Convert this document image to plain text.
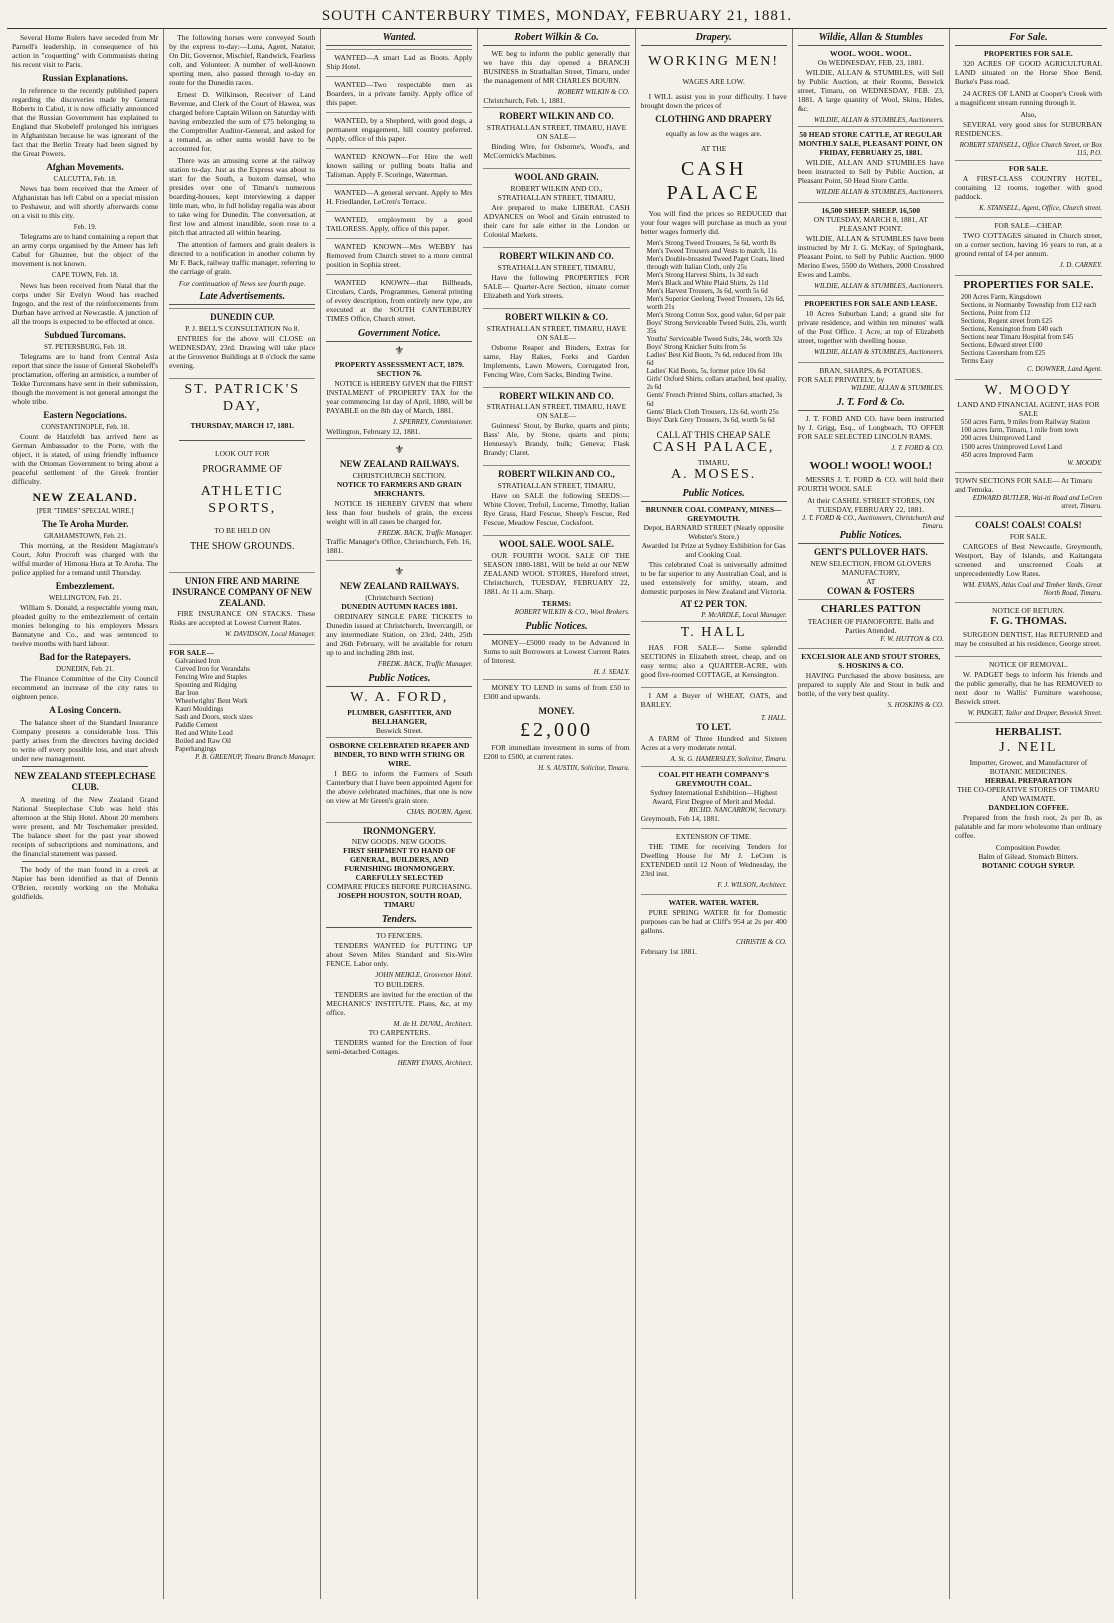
SOUTH CANTERBURY TIMES, MONDAY, FEBRUARY 21, 1881.

Several Home Rulers have seceded from Mr Parnell's leadership, in consequence of his action in "coquetting" with Communists during his recent visit to Paris.

Russian Explanations.

In reference to the recently published papers regarding the discoveries made by General Roberts in Cabul, it is now officially announced that the Russian Government has explained to England that Skobeleff prolonged his intrigues in Afghanistan because he was ignorant of the fact that the Berlin Treaty had been signed by the Great Powers.

Afghan Movements.
CALCUTTA, Feb. 18.

News has been received that the Ameer of Afghanistan has left Cabul on a special mission to Peshawur, and will shortly afterwards come on a visit to this city.

Feb. 19.

Telegrams are to hand containing a report that an army corps organised by the Ameer has left Cabul for Ghuznee, but the object of the movement is not known.

CAPE TOWN, Feb. 18.

News has been received from Natal that the corps under Sir Evelyn Wood has reached Ingogo, and the rest of the reinforcements from Durban have arrived at Newcastle. A junction of all the troops is expected to be effected at once.

Subdued Turcomans.
ST. PETERSBURG, Feb. 18.

Telegrams are to hand from Central Asia report that since the issue of General Skobeleff's proclamation, offering an armistice, a number of Tekke Turcomans have sent in their submission, though the movement is not general amongst the whole tribe.

Eastern Negociations.
CONSTANTINOPLE, Feb. 18.

Count de Hatzfeldt has arrived here as German Ambassador to the Porte, with the object, it is stated, of using friendly influence with the Ottoman Government to bring about a peaceful settlement of the Greek frontier difficulty.

NEW ZEALAND.
[PER "TIMES" SPECIAL WIRE.]
The Te Aroha Murder.
GRAHAMSTOWN, Feb. 21.

This morning, at the Resident Magistrate's Court, John Procroft was charged with the wilful murder of Himona Hura at Te Aroha. The police applied for a remand until Thursday.

Embezzlement.
WELLINGTON, Feb. 21.

William S. Donald, a respectable young man, pleaded guilty to the embezzlement of certain monies belonging to his employers Messrs Bannatyne and Co., and was sentenced to twelve months with hard labour.

Bad for the Ratepayers.
DUNEDIN, Feb. 21.

The Finance Committee of the City Council recommend an increase of the city rates to eighteen pence.

A Losing Concern.

The balance sheet of the Standard Insurance Company presents a considerable loss. This partly arises from the directors having decided to write off every possible loss, and start afresh under new management.

NEW ZEALAND STEEPLECHASE CLUB.

A meeting of the New Zealand Grand National Steeplechase Club was held this afternoon at the Ship Hotel. About 20 members were present, and Mr Teschemaker presided. The balance sheet for the past year showed receipts of subscriptions and nominations, and the financial statement was passed.

The body of the man found in a creek at Napier has been identified as that of Dennis O'Brien, recently working on the Mohaka goldfields.

The following horses were conveyed South by the express to-day:—Luna, Agent, Natator, On Dit, Governor, Mischief, Randwick, Fearless colt, and Volunteer. A number of well-known sporting men, also passed through to-day en route for the Dunedin races.

Ernest D. Wilkinson, Receiver of Land Revenue, and Clerk of the Court of Hawea, was charged before Captain Wilson on Saturday with having embezzled the sum of £75 belonging to the Comptroller Auditor-General, and asked for a remand, as other sums would have to be accounted for.

There was an amusing scene at the railway station to-day. Just as the Express was about to start for the South, a buxom damsel, who presides over one of Timaru's numerous boarding-houses, kept interviewing a dapper little man, who, in full holiday regalia was about to take wing for Dunedin. The conversation, at first low and almost inaudible, soon rose to a pitch that attracted all within hearing.

The attention of farmers and grain dealers is directed to a notification in another column by Mr F. Back, railway traffic manager, referring to the carriage of grain.

For continuation of News see fourth page.
Late Advertisements.
DUNEDIN CUP.
P. J. BELL'S CONSULTATION No 8.

ENTRIES for the above will CLOSE on WEDNESDAY, 23rd. Drawing will take place at the Grosvenor Buildings at 8 o'clock the same evening.

ST. PATRICK'S DAY,
THURSDAY, MARCH 17, 1881.
LOOK OUT FOR
PROGRAMME OF
ATHLETIC SPORTS,
TO BE HELD ON
THE SHOW GROUNDS.
UNION FIRE AND MARINE INSURANCE COMPANY OF NEW ZEALAND.

FIRE INSURANCE ON STACKS. These Risks are accepted at Lowest Current Rates.

W. DAVIDSON, Local Manager.
FOR SALE—
Galvanised Iron
Curved Iron for Verandahs
Fencing Wire and Staples
Spouting and Ridging
Bar Iron
Wheelwrights' Bent Work
Kauri Mouldings
Sash and Doors, stock sizes
Paddle Cement
Red and White Lead
Boiled and Raw Oil
Paperhangings
P. B. GREENUP, Timaru Branch Manager.
Wanted.

WANTED—A smart Lad as Boots. Apply Ship Hotel.

WANTED—Two respectable men as Boarders, in a private family. Apply office of this paper.

WANTED, by a Shepherd, with good dogs, a permanent engagement, hill country preferred. Apply, office of this paper.

WANTED KNOWN—For Hire the well known sailing or pulling boats Italia and Talisman. Apply F. Scoringe, Waterman.

WANTED—A general servant. Apply to Mrs H. Friedlander, LeCren's Terrace.

WANTED, employment by a good TAILORESS. Apply, office of this paper.

WANTED KNOWN—Mrs WEBBY has Removed from Church street to a more central position in Sophia street.

WANTED KNOWN—that Billheads, Circulars, Cards, Programmes, General printing of every description, from entirely new type, are executed at the SOUTH CANTERBURY TIMES Office, Church street.

Government Notice.
⚜
PROPERTY ASSESSMENT ACT, 1879. SECTION 76.

NOTICE is HEREBY GIVEN that the FIRST INSTALMENT of PROPERTY TAX for the year commencing 1st day of April, 1880, will be PAYABLE on the 8th day of March, 1881.

J. SPERREY, Commissioner.
Wellington, February 12, 1881.
⚜
NEW ZEALAND RAILWAYS.
CHRISTCHURCH SECTION.
NOTICE TO FARMERS AND GRAIN MERCHANTS.

NOTICE IS HEREBY GIVEN that where less than four bushels of grain, the excess weight will in all cases be charged for.

FREDK. BACK, Traffic Manager.
Traffic Manager's Office, Christchurch, Feb. 16, 1881.
⚜
NEW ZEALAND RAILWAYS.
(Christchurch Section)
DUNEDIN AUTUMN RACES 1881.

ORDINARY SINGLE FARE TICKETS to Dunedin issued at Christchurch, Invercargill, or any intermediate Station, on 23rd, 24th, 25th and 26th February, will be available for return up to and including 28th inst.

FREDK. BACK, Traffic Manager.
Public Notices.
W. A. FORD,
PLUMBER, GASFITTER, AND BELLHANGER,
Beswick Street.
OSBORNE CELEBRATED REAPER AND BINDER, TO BIND WITH STRING OR WIRE.

I BEG to inform the Farmers of South Canterbury that I have been appointed Agent for the above celebrated machines, that one is now on view at Mr Green's grain store.

CHAS. BOURN, Agent.
IRONMONGERY.
NEW GOODS. NEW GOODS.
FIRST SHIPMENT TO HAND OF GENERAL, BUILDERS, AND FURNISHING IRONMONGERY.
CAREFULLY SELECTED
COMPARE PRICES BEFORE PURCHASING.
JOSEPH HOUSTON, SOUTH ROAD, TIMARU
Tenders.
TO FENCERS.

TENDERS WANTED for PUTTING UP about Seven Miles Standard and Six-Wire FENCE. Labor only.

JOHN MEIKLE, Grosvenor Hotel.
TO BUILDERS.

TENDERS are invited for the erection of the MECHANICS' INSTITUTE. Plans, &c, at my office.

M. de H. DUVAL, Architect.
TO CARPENTERS.

TENDERS wanted for the Erection of four semi-detached Cottages.

HENRY EVANS, Architect.
Robert Wilkin & Co.

WE beg to inform the public generally that we have this day opened a BRANCH BUSINESS in Strathallan Street, Timaru, under the management of MR CHARLES BOURN.

ROBERT WILKIN & CO.
Christchurch, Feb. 1, 1881.
ROBERT WILKIN AND CO.
STRATHALLAN STREET, TIMARU, HAVE ON SALE—

Binding Wire, for Osborne's, Wood's, and McCormick's Machines.

WOOL AND GRAIN.
ROBERT WILKIN AND CO., STRATHALLAN STREET, TIMARU,

Are prepared to make LIBERAL CASH ADVANCES on Wool and Grain entrusted to their care for sale either in the London or Colonial Markets.

ROBERT WILKIN AND CO.
STRATHALLAN STREET, TIMARU,

Have the following PROPERTIES FOR SALE— Quarter-Acre Section, situate corner Elizabeth and York streets.

ROBERT WILKIN & CO.
STRATHALLAN STREET, TIMARU, HAVE ON SALE—

Osborne Reaper and Binders, Extras for same, Hay Rakes, Forks and Garden Implements, Lawn Mowers, Corrugated Iron, Fencing Wire, Corn Sacks, Binding Twine.

ROBERT WILKIN AND CO.
STRATHALLAN STREET, TIMARU, HAVE ON SALE—

Guinness' Stout, by Burke, quarts and pints; Bass' Ale, by Stone, quarts and pints; Hennessy's Brandy, bulk; Geneva; Flask Brandy; Claret.

ROBERT WILKIN AND CO.,
STRATHALLAN STREET, TIMARU,

Have on SALE the following SEEDS:— White Clover, Trefoil, Lucerne, Timothy, Italian Rye Grass, Hard Fescue, Sheep's Fescue, Red Fescue, Meadow Fescue, Cocksfoot.

WOOL SALE. WOOL SALE.

OUR FOURTH WOOL SALE OF THE SEASON 1880-1881, Will be held at our NEW ZEALAND WOOL STORES, Hereford street, Christchurch, TUESDAY, FEBRUARY 22, 1881. At 11 a.m. Sharp.

TERMS:
ROBERT WILKIN & CO., Wool Brokers.
Public Notices.

MONEY—£5000 ready to be Advanced in Sums to suit Borrowers at Lowest Current Rates of Interest.

H. J. SEALY.

MONEY TO LEND in sums of from £50 to £300 and upwards.

MONEY.
£2,000

FOR immediate investment in sums of from £200 to £500, at current rates.

H. S. AUSTIN, Solicitor, Timaru.
Drapery.
WORKING MEN!
WAGES ARE LOW.

I WILL assist you in your difficulty. I have brought down the prices of

CLOTHING AND DRAPERY
equally as low as the wages are.
AT THE
CASH PALACE

You will find the prices so REDUCED that your four wages will purchase as much as your better wages formerly did.

Men's Strong Tweed Trousers, 5s 6d, worth 8s
Men's Tweed Trousers and Vests to match, 11s
Men's Double-breasted Tweed Paget Coats, lined through with Italian Cloth, only 25s
Men's Strong Harvest Shirts, 1s 3d each
Men's Black and White Plaid Shirts, 2s 11d
Men's Harvest Trousers, 3s 6d, worth 5s 6d
Men's Superior Geelong Tweed Trousers, 12s 6d, worth 21s
Men's Strong Cotton Sox, good value, 6d per pair
Boys' Strong Serviceable Tweed Suits, 23s, worth 35s
Youths' Serviceable Tweed Suits, 24s, worth 32s
Boys' Strong Knicker Suits from 5s
Ladies' Best Kid Boots, 7s 6d, reduced from 10s 6d
Ladies' Kid Boots, 5s, former price 10s 6d
Girls' Oxford Shirts, collars attached, best quality, 2s 6d
Gents' French Printed Shirts, collars attached, 3s 6d
Gents' Black Cloth Trousers, 12s 6d, worth 25s
Boys' Dark Grey Trousers, 3s 6d, worth 5s 6d
CALL AT THIS CHEAP SALE
CASH PALACE,
TIMARU,
A. MOSES.
Public Notices.
BRUNNER COAL COMPANY, MINES—GREYMOUTH.
Depot, BARNARD STREET (Nearly opposite Webster's Store.)
Awarded 1st Prize at Sydney Exhibition for Gas and Cooking Coal.

This celebrated Coal is universally admitted to be far superior to any Australian Coal, and is used extensively for smithy, steam, and domestic purposes in New Zealand and Victoria.

AT £2 PER TON.
P. McARDLE, Local Manager.
T. HALL

HAS FOR SALE— Some splendid SECTIONS in Elizabeth street, cheap, and on easy terms; also a QUARTER-ACRE, with good five-roomed COTTAGE, at Kensington.

I AM a Buyer of WHEAT, OATS, and BARLEY.

T. HALL.
TO LET.

A FARM of Three Hundred and Sixteen Acres at a very moderate rental.

A. St. G. HAMERSLEY, Solicitor, Timaru.
COAL PIT HEATH COMPANY'S GREYMOUTH COAL.
Sydney International Exhibition—Highest Award, First Degree of Merit and Medal.
RICHD. NANCARROW, Secretary.
Greymouth, Feb 14, 1881.
EXTENSION OF TIME.

THE TIME for receiving Tenders for Dwelling House for Mr J. LeCren is EXTENDED until 12 Noon of Wednesday, the 23rd inst.

F. J. WILSON, Architect.
WATER. WATER. WATER.

PURE SPRING WATER fit for Domestic purposes can be had at Cliff's 954 at 2s per 400 gallons.

CHRISTIE & CO.
February 1st 1881.
Wildie, Allan & Stumbles
WOOL. WOOL. WOOL.
On WEDNESDAY, FEB. 23, 1881.

WILDIE, ALLAN & STUMBLES, will Sell by Public Auction, at their Rooms, Beswick street, Timaru, on WEDNESDAY, FEB. 23, 1881. A large quantity of Wool, Skins, Hides, &c.

WILDIE, ALLAN & STUMBLES, Auctioneers.
50 HEAD STORE CATTLE, AT REGULAR MONTHLY SALE, PLEASANT POINT, ON FRIDAY, FEBRUARY 25, 1881.

WILDIE, ALLAN AND STUMBLES have been instructed to Sell by Public Auction, at Pleasant Point, 50 Head Store Cattle.

WILDIE ALLAN & STUMBLES, Auctioneers.
16,500 SHEEP. SHEEP. 16,500
ON TUESDAY, MARCH 8, 1881, AT PLEASANT POINT.

WILDIE, ALLAN & STUMBLES have been instructed by Mr J. G. McKay, of Springbank, Pleasant Point, to Sell by Public Auction. 9000 Merino Ewes, 5500 do Wethers, 2000 Crossbred Ewes and Lambs.

WILDIE, ALLAN & STUMBLES, Auctioneers.
PROPERTIES FOR SALE AND LEASE.

10 Acres Suburban Land; a grand site for private residence, and within ten minutes' walk of the Post Office. 1 Acre, at top of Elizabeth street, together with dwelling house.

WILDIE, ALLAN & STUMBLES, Auctioneers.
BRAN, SHARPS, & POTATOES.
FOR SALE PRIVATELY, by
WILDIE, ALLAN & STUMBLES.
J. T. Ford & Co.

J. T. FORD AND CO. have been instructed by J. Grigg, Esq., of Longbeach, TO OFFER FOR SALE SELECTED LINCOLN RAMS.

J. T. FORD & CO.
WOOL! WOOL! WOOL!

MESSRS J. T. FORD & CO. will hold their FOURTH WOOL SALE

At their CASHEL STREET STORES, ON TUESDAY, FEBRUARY 22, 1881.
J. T. FORD & CO., Auctioneers, Christchurch and Timaru.
Public Notices.
GENT'S PULLOVER HATS.
NEW SELECTION, FROM GLOVERS MANUFACTORY,
AT
COWAN & FOSTERS
CHARLES PATTON
TEACHER OF PIANOFORTE. Balls and Parties Attended.
F. W. HUTTON & CO.
EXCELSIOR ALE AND STOUT STORES, S. HOSKINS & CO.

HAVING Purchased the above business, are prepared to supply Ale and Stout in bulk and bottle, of the very best quality.

S. HOSKINS & CO.
For Sale.
PROPERTIES FOR SALE.

320 ACRES OF GOOD AGRICULTURAL LAND situated on the Horse Shoe Bend, Burke's Pass road.

24 ACRES OF LAND at Cooper's Creek with a magnificent stream running through it.

Also,

SEVERAL very good sites for SUBURBAN RESIDENCES.

ROBERT STANSELL, Office Church Street, or Box 115, P.O.
FOR SALE.

A FIRST-CLASS COUNTRY HOTEL, containing 12 rooms, together with good paddock.

K. STANSELL, Agent, Office, Church street.
FOR SALE—CHEAP.

TWO COTTAGES situated in Church street, on a corner section, having 16 years to run, at a ground rental of £4 per annum.

J. D. CARNEY.
PROPERTIES FOR SALE.
200 Acres Farm, Kingsdown
Sections, in Normanby Township from £12 each
Sections, Point from £12
Sections, Regent street from £25
Sections, Kensington from £40 each
Sections near Timaru Hospital from £45
Sections, Edward street £100
Sections Caversham from £25
Terms Easy
C. DOWNER, Land Agent.
W. MOODY
LAND AND FINANCIAL AGENT, HAS FOR SALE
550 acres Farm, 9 miles from Railway Station
100 acres farm, Timaru, 1 mile from town
200 acres Unimproved Land
1500 acres Unimproved Level Land
450 acres Improved Farm
W. MOODY.
TOWN SECTIONS FOR SALE— At Timaru and Temuka.
EDWARD BUTLER, Wai-iti Road and LeCren street, Timaru.
COALS! COALS! COALS!
FOR SALE.

CARGOES of Best Newcastle, Greymouth, Westport, Bay of Islands, and Kaitangata screened and unscreened Coals at unprecedentedly Low Rates.

WM. EVANS, Atlas Coal and Timber Yards, Great North Road, Timaru.
NOTICE OF RETURN.
F. G. THOMAS.

SURGEON DENTIST, Has RETURNED and may be consulted at his residence, George street.

NOTICE OF REMOVAL.

W. PADGET begs to inform his friends and the public generally, that he has REMOVED to next door to Wallis' Furniture warehouse, Beswick street.

W. PADGET, Tailor and Draper, Beswick Street.
HERBALIST.
J. NEIL
Importer, Grower, and Manufacturer of BOTANIC MEDICINES.
HERBAL PREPARATION
THE CO-OPERATIVE STORES OF TIMARU AND WAIMATE.
DANDELION COFFEE.

Prepared from the fresh root, 2s per lb, as palatable and far more wholesome than ordinary coffee.

Composition Powder.
Balm of Gilead. Stomach Bitters.
BOTANIC COUGH SYRUP.
